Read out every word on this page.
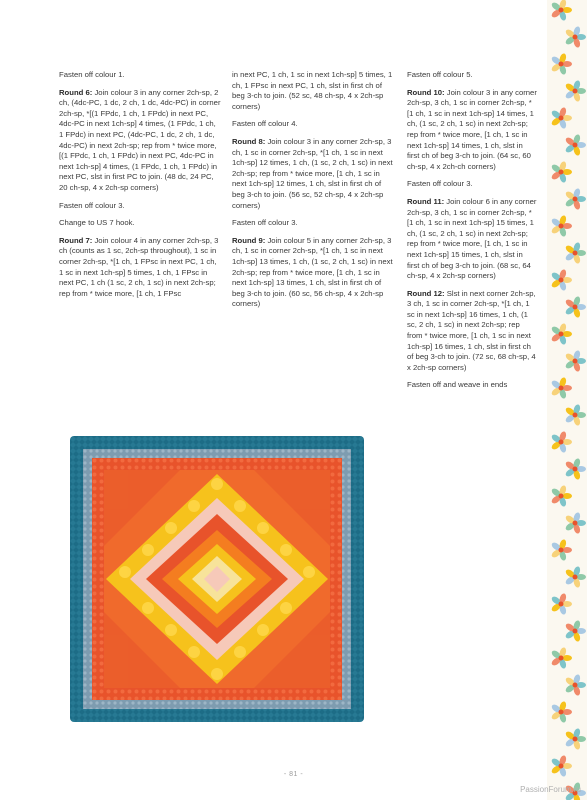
Fasten off colour 1.

Round 6: Join colour 3 in any corner 2ch-sp, 2 ch, (4dc-PC, 1 dc, 2 ch, 1 dc, 4dc-PC) in corner 2ch-sp, *[(1 FPdc, 1 ch, 1 FPdc) in next PC, 4dc-PC in next 1ch-sp] 4 times, (1 FPdc, 1 ch, 1 FPdc) in next PC, (4dc-PC, 1 dc, 2 ch, 1 dc, 4dc-PC) in next 2ch-sp; rep from * twice more, [(1 FPdc, 1 ch, 1 FPdc) in next PC, 4dc-PC in next 1ch-sp] 4 times, (1 FPdc, 1 ch, 1 FPdc) in next PC, slst in first PC to join. (48 dc, 24 PC, 20 ch-sp, 4 x 2ch-sp corners)

Fasten off colour 3.

Change to US 7 hook.

Round 7: Join colour 4 in any corner 2ch-sp, 3 ch (counts as 1 sc, 2ch-sp throughout), 1 sc in corner 2ch-sp, *[1 ch, 1 FPsc in next PC, 1 ch, 1 sc in next 1ch-sp] 5 times, 1 ch, 1 FPsc in next PC, 1 ch (1 sc, 2 ch, 1 sc) in next 2ch-sp; rep from * twice more, [1 ch, 1 FPsc

in next PC, 1 ch, 1 sc in next 1ch-sp] 5 times, 1 ch, 1 FPsc in next PC, 1 ch, slst in first ch of beg 3-ch to join. (52 sc, 48 ch-sp, 4 x 2ch-sp corners)

Fasten off colour 4.

Round 8: Join colour 3 in any corner 2ch-sp, 3 ch, 1 sc in corner 2ch-sp, *[1 ch, 1 sc in next 1ch-sp] 12 times, 1 ch, (1 sc, 2 ch, 1 sc) in next 2ch-sp; rep from * twice more, [1 ch, 1 sc in next 1ch-sp] 12 times, 1 ch, slst in first ch of beg 3-ch to join. (56 sc, 52 ch-sp, 4 x 2ch-sp corners)

Fasten off colour 3.

Round 9: Join colour 5 in any corner 2ch-sp, 3 ch, 1 sc in corner 2ch-sp, *[1 ch, 1 sc in next 1ch-sp] 13 times, 1 ch, (1 sc, 2 ch, 1 sc) in next 2ch-sp; rep from * twice more, [1 ch, 1 sc in next 1ch-sp] 13 times, 1 ch, slst in first ch of beg 3-ch to join. (60 sc, 56 ch-sp, 4 x 2ch-sp corners)

Fasten off colour 5.

Round 10: Join colour 3 in any corner 2ch-sp, 3 ch, 1 sc in corner 2ch-sp, *[1 ch, 1 sc in next 1ch-sp] 14 times, 1 ch, (1 sc, 2 ch, 1 sc) in next 2ch-sp; rep from * twice more, [1 ch, 1 sc in next 1ch-sp] 14 times, 1 ch, slst in first ch of beg 3-ch to join. (64 sc, 60 ch-sp, 4 x 2ch-ch corners)

Fasten off colour 3.

Round 11: Join colour 6 in any corner 2ch-sp, 3 ch, 1 sc in corner 2ch-sp, *[1 ch, 1 sc in next 1ch-sp] 15 times, 1 ch, (1 sc, 2 ch, 1 sc) in next 2ch-sp; rep from * twice more, [1 ch, 1 sc in next 1ch-sp] 15 times, 1 ch, slst in first ch of beg 3-ch to join. (68 sc, 64 ch-sp, 4 x 2ch-sp corners)

Round 12: Slst in next corner 2ch-sp, 3 ch, 1 sc in corner 2ch-sp, *[1 ch, 1 sc in next 1ch-sp] 16 times, 1 ch, (1 sc, 2 ch, 1 sc) in next 2ch-sp; rep from * twice more, [1 ch, 1 sc in next 1ch-sp] 16 times, 1 ch, slst in first ch of beg 3-ch to join. (72 sc, 68 ch-sp, 4 x 2ch-sp corners)

Fasten off and weave in ends

- 81 -
PassionForum.ru
